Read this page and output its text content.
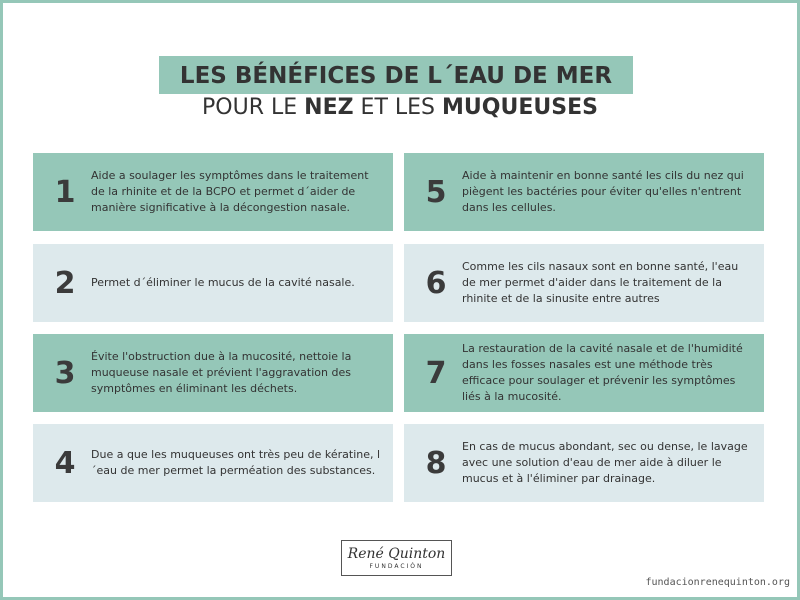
LES BÉNÉFICES DE L´EAU DE MER
POUR LE NEZ ET LES MUQUEUSES
1	Aide a soulager les symptômes dans le traitement de la rhinite et de la BCPO et permet d´aider de manière significative à la décongestion nasale.
2	Permet d´éliminer le mucus de la cavité nasale.
3	Évite l'obstruction due à la mucosité, nettoie la muqueuse nasale et prévient l'aggravation des symptômes en éliminant les déchets.
4	Due a que les muqueuses ont très peu de kératine, l´eau de mer permet la perméation des substances.
5	Aide à maintenir en bonne santé les cils du nez qui piègent les bactéries pour éviter qu'elles n'entrent dans les cellules.
6	Comme les cils nasaux sont en bonne santé, l'eau de mer permet d'aider dans le traitement de la rhinite et de la sinusite entre autres
7
La restauration de la cavité nasale et de l'humidité dans les fosses nasales est une méthode très efficace pour soulager et prévenir les symptômes liés à la mucosité.
8	En cas de mucus abondant, sec ou dense, le lavage avec une solution d'eau de mer aide à diluer le mucus et à l'éliminer par drainage.
René Quinton
FUNDACIÓN
fundacionrenequinton.org
